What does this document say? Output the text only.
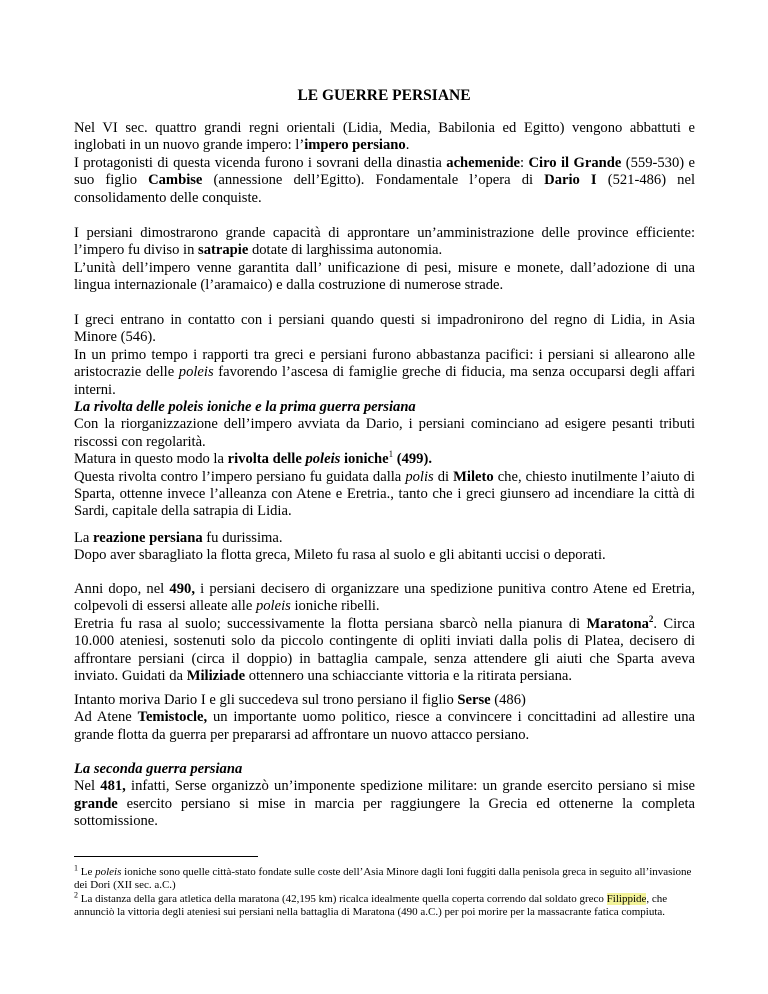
LE GUERRE PERSIANE

Nel VI sec. quattro grandi regni orientali (Lidia, Media, Babilonia ed Egitto) vengono abbattuti e inglobati in un nuovo grande impero: l’impero persiano.

I protagonisti di questa vicenda furono i sovrani della dinastia achemenide: Ciro il Grande (559-530) e suo figlio Cambise (annessione dell’Egitto). Fondamentale l’opera di Dario I (521-486) nel consolidamento delle conquiste.

I persiani dimostrarono grande capacità di approntare un’amministrazione delle province efficiente: l’impero fu diviso in satrapie dotate di larghissima autonomia.

L’unità dell’impero venne garantita dall’ unificazione di pesi, misure e monete, dall’adozione di una lingua internazionale (l’aramaico) e dalla costruzione di numerose strade.

I greci entrano in contatto con i persiani quando questi si impadronirono del regno di Lidia, in Asia Minore (546).

In un primo tempo i rapporti tra greci e persiani furono abbastanza pacifici: i persiani si allearono alle aristocrazie delle poleis favorendo l’ascesa di famiglie greche di fiducia, ma senza occuparsi degli affari interni.

La rivolta delle poleis ioniche e la prima guerra persiana

Con la riorganizzazione dell’impero avviata da Dario, i persiani cominciano ad esigere pesanti tributi riscossi con regolarità.

Matura in questo modo la rivolta delle poleis ioniche$^1$ (499).

Questa rivolta contro l’impero persiano fu guidata dalla polis di Mileto che, chiesto inutilmente l’aiuto di Sparta, ottenne invece l’alleanza con Atene e Eretria., tanto che i greci giunsero ad incendiare la città di Sardi, capitale della satrapia di Lidia.

La reazione persiana fu durissima.

Dopo aver sbaragliato la flotta greca, Mileto fu rasa al suolo e gli abitanti uccisi o deporati.

Anni dopo, nel 490, i persiani decisero di organizzare una spedizione punitiva contro Atene ed Eretria, colpevoli di essersi alleate alle poleis ioniche ribelli.

Eretria fu rasa al suolo; successivamente la flotta persiana sbarcò nella pianura di Maratona$^2$. Circa 10.000 ateniesi, sostenuti solo da piccolo contingente di opliti inviati dalla polis di Platea, decisero di affrontare persiani (circa il doppio) in battaglia campale, senza attendere gli aiuti che Sparta aveva inviato. Guidati da Miliziade ottennero una schiacciante vittoria e la ritirata persiana.

Intanto moriva Dario I e gli succedeva sul trono persiano il figlio Serse (486)

Ad Atene Temistocle, un importante uomo politico, riesce a convincere i concittadini ad allestire una grande flotta da guerra per prepararsi ad affrontare un nuovo attacco persiano.

La seconda guerra persiana

Nel 481, infatti, Serse organizzò un’imponente spedizione militare: un grande esercito persiano si mise grande esercito persiano si mise in marcia per raggiungere la Grecia ed ottenerne la completa sottomissione.

$^1$ Le poleis ioniche sono quelle città-stato fondate sulle coste dell’Asia Minore dagli Ioni fuggiti dalla penisola greca in seguito all’invasione dei Dori (XII sec. a.C.)
$^2$ La distanza della gara atletica della maratona (42,195 km) ricalca idealmente quella coperta correndo dal soldato greco Filippide, che annunciò la vittoria degli ateniesi sui persiani nella battaglia di Maratona (490 a.C.) per poi morire per la massacrante fatica compiuta.
